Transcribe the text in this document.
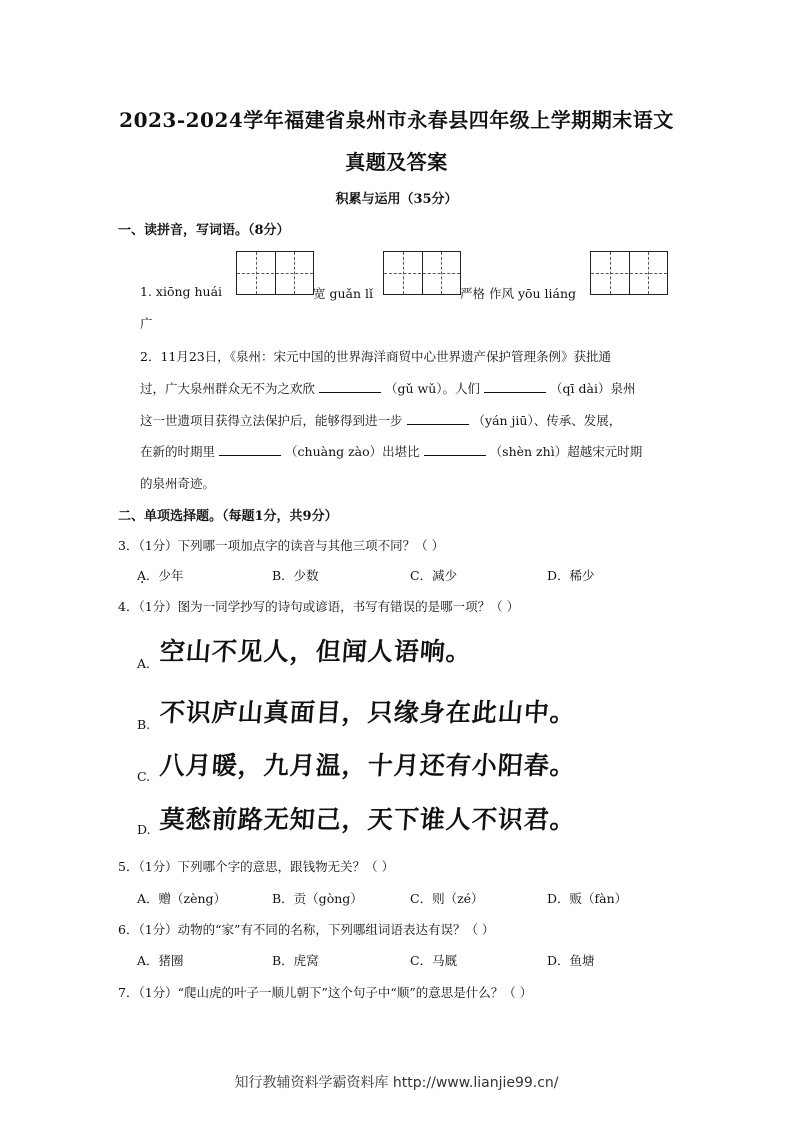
2023-2024学年福建省泉州市永春县四年级上学期期末语文
真题及答案
积累与运用（35分）
一、读拼音，写词语。（8分）
1. xiōng huái	宽 guǎn lǐ	严格 作风 yōu liáng
广
2．11月23日，《泉州：宋元中国的世界海洋商贸中心世界遗产保护管理条例》获批通
过，广大泉州群众无不为之欢欣	（gǔ wǔ）。人们	（qī dài）泉州
这一世遗项目获得立法保护后，能够得到进一步	（yán jiū）、传承、发展，
在新的时期里	（chuàng zào）出堪比	（shèn zhì）超越宋元时期
的泉州奇迹。
二、单项选择题。（每题1分，共9分）
3．（1分）下列哪一项加点字的读音与其他三项不同？（ ）
A．少年 ·	B．少数	C．减少	D．稀少
4．（1分）图为一同学抄写的诗句或谚语，书写有错误的是哪一项？（ ）
A. 空山不见人，但闻人语响。
B. 不识庐山真面目，只缘身在此山中。
C. 八月暖，九月温，十月还有小阳春。
D. 莫愁前路无知己，天下谁人不识君。
5．（1分）下列哪个字的意思，跟钱物无关？（ ）
A．赠（zèng）	B．贡（gòng）	C．则（zé）	D．贩（fàn）
6．（1分）动物的“家”有不同的名称，下列哪组词语表达有误？（ ）
A．猪圈	B．虎窝	C．马厩	D．鱼塘
7．（1分）“爬山虎的叶子一顺儿朝下”这个句子中“顺”的意思是什么？（ ）
知行教辅资料学霸资料库 http://www.lianjie99.cn/
